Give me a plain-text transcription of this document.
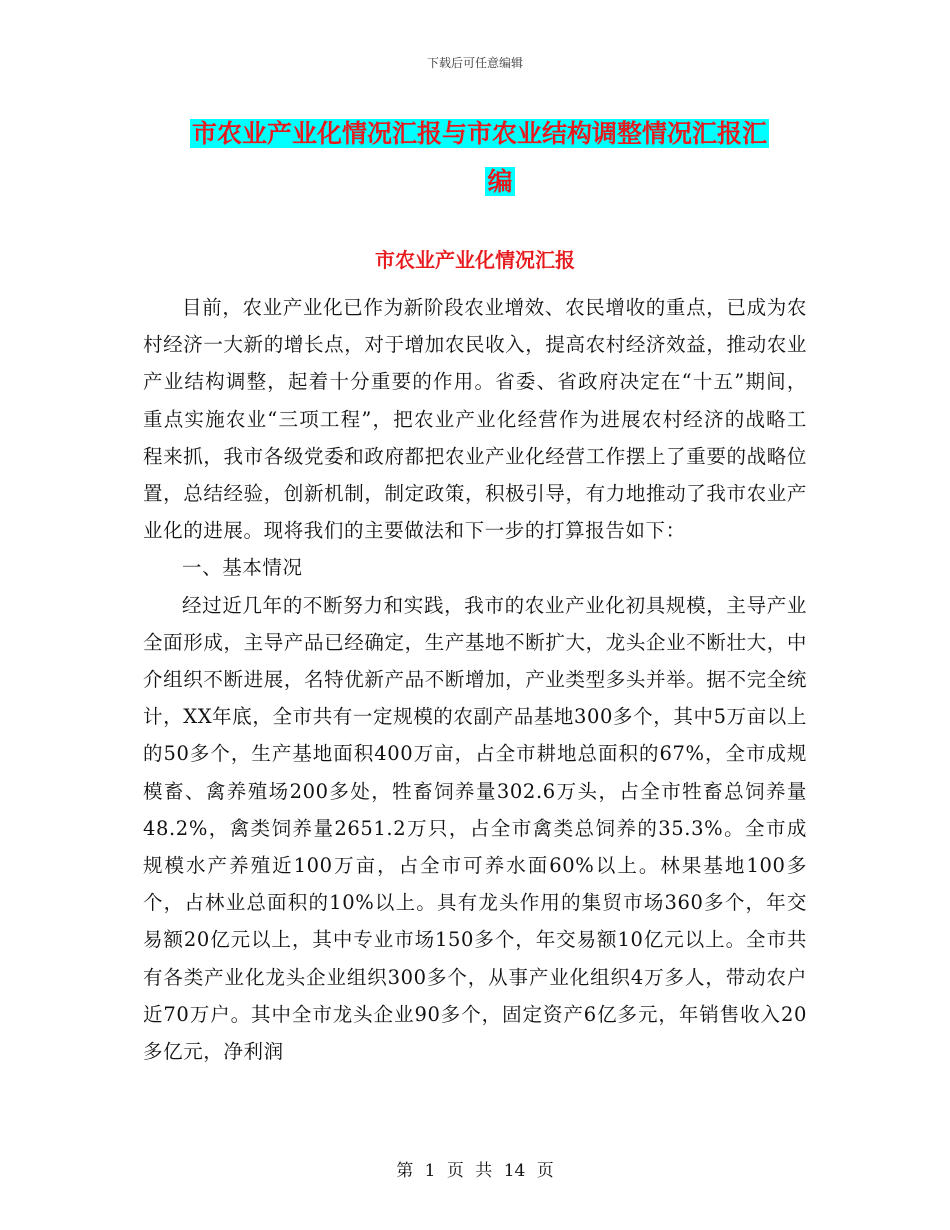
下载后可任意编辑
市农业产业化情况汇报与市农业结构调整情况汇报汇
编
市农业产业化情况汇报

目前，农业产业化已作为新阶段农业增效、农民增收的重点，已成为农村经济一大新的增长点，对于增加农民收入，提高农村经济效益，推动农业产业结构调整，起着十分重要的作用。省委、省政府决定在“十五”期间，重点实施农业“三项工程”，把农业产业化经营作为进展农村经济的战略工程来抓，我市各级党委和政府都把农业产业化经营工作摆上了重要的战略位置，总结经验，创新机制，制定政策，积极引导，有力地推动了我市农业产业化的进展。现将我们的主要做法和下一步的打算报告如下：

一、基本情况

经过近几年的不断努力和实践，我市的农业产业化初具规模，主导产业全面形成，主导产品已经确定，生产基地不断扩大，龙头企业不断壮大，中介组织不断进展，名特优新产品不断增加，产业类型多头并举。据不完全统计，XX年底，全市共有一定规模的农副产品基地300多个，其中5万亩以上的50多个，生产基地面积400万亩，占全市耕地总面积的67%，全市成规模畜、禽养殖场200多处，牲畜饲养量302.6万头，占全市牲畜总饲养量48.2%，禽类饲养量2651.2万只，占全市禽类总饲养的35.3%。全市成规模水产养殖近100万亩，占全市可养水面60%以上。林果基地100多个，占林业总面积的10%以上。具有龙头作用的集贸市场360多个，年交易额20亿元以上，其中专业市场150多个，年交易额10亿元以上。全市共有各类产业化龙头企业组织300多个，从事产业化组织4万多人，带动农户近70万户。其中全市龙头企业90多个，固定资产6亿多元，年销售收入20多亿元，净利润

第 1 页 共 14 页
